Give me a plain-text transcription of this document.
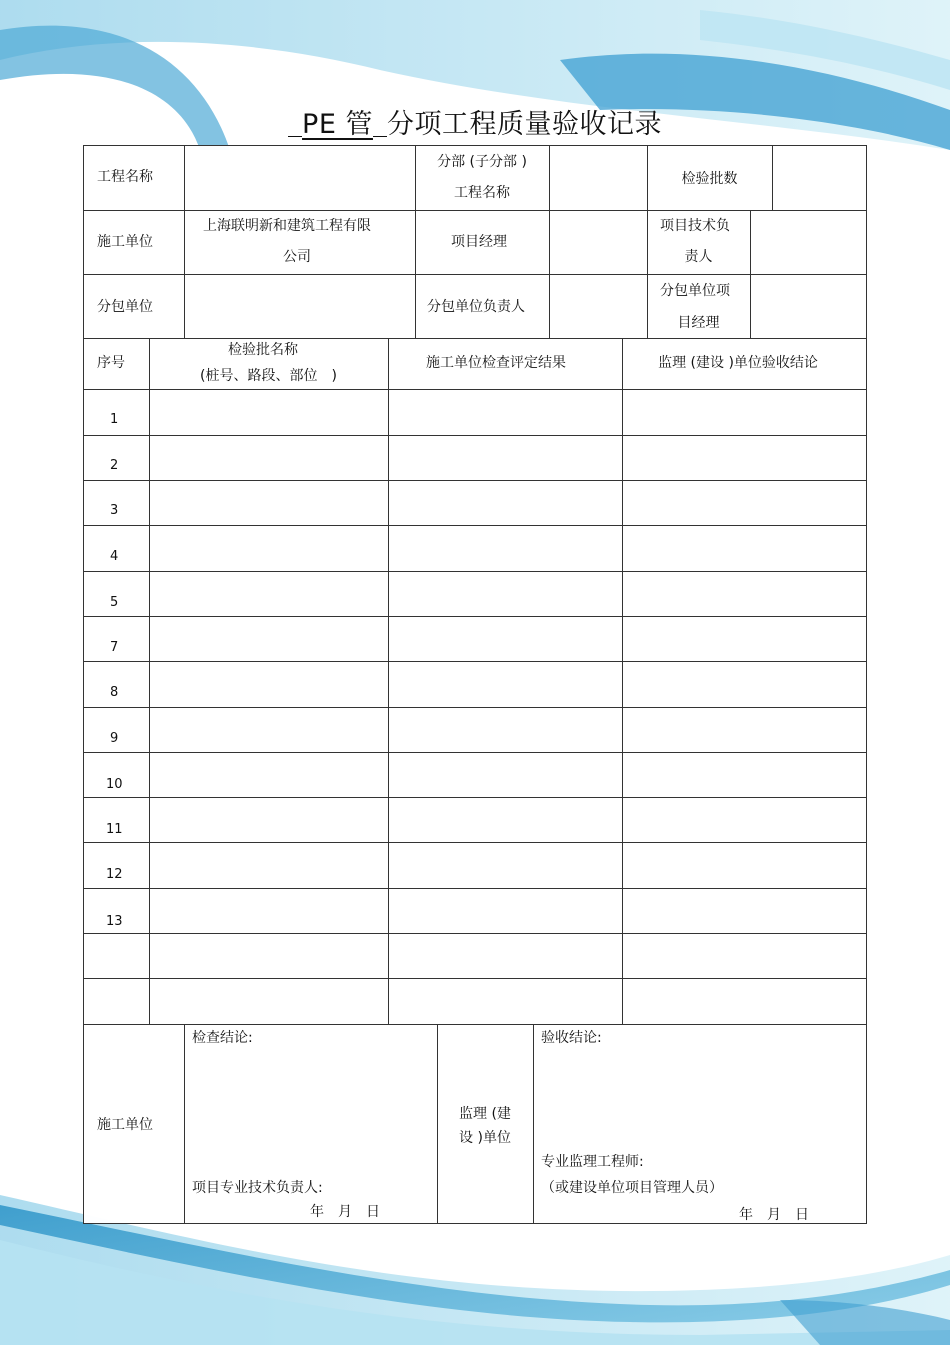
PE 管 分项工程质量验收记录
工程名称
分部 (子分部 )
工程名称
检验批数
施工单位
上海联明新和建筑工程有限
公司
项目经理
项目技术负
责人
分包单位	分包单位负责人
分包单位项
目经理
序号
检验批名称
(桩号、路段、部位　)
施工单位检查评定结果	监理 (建设 )单位验收结论
1
2
3
4
5
7
8
9
10
11
12
13
施工单位
检查结论:
项目专业技术负责人:
年　月　日
监理 (建
设 )单位
验收结论:
专业监理工程师:
（或建设单位项目管理人员）
年　月　日
